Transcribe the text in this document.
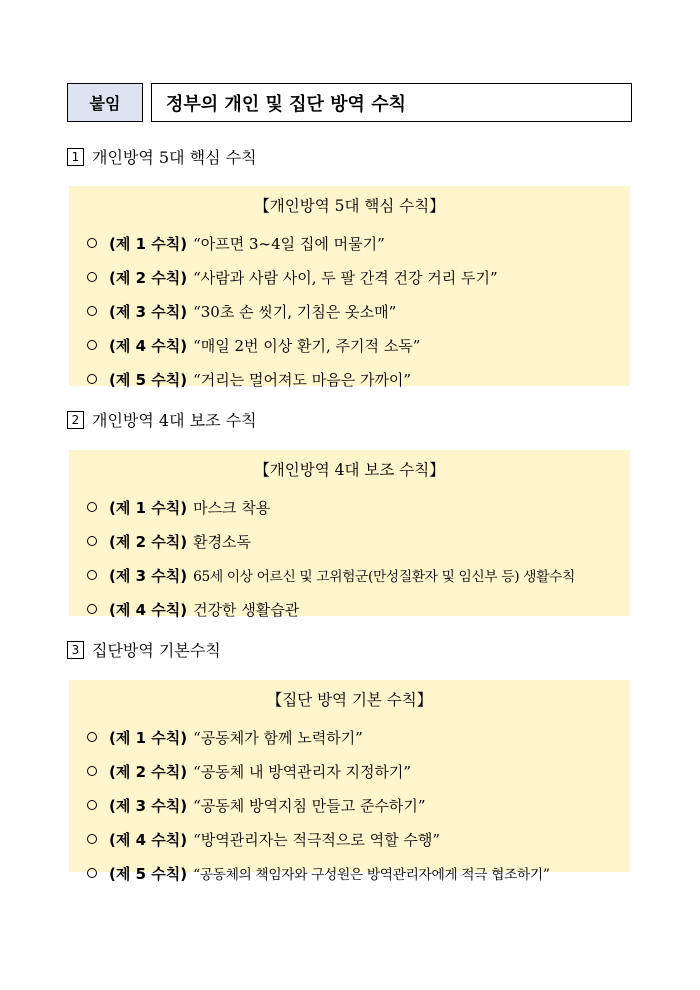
붙임	정부의 개인 및 집단 방역 수칙
1 개인방역 5대 핵심 수칙
【개인방역 5대 핵심 수칙】
(제 1 수칙) “아프면 3∼4일 집에 머물기”
(제 2 수칙) “사람과 사람 사이, 두 팔 간격 건강 거리 두기”
(제 3 수칙) “30초 손 씻기, 기침은 옷소매”
(제 4 수칙) “매일 2번 이상 환기, 주기적 소독”
(제 5 수칙) “거리는 멀어져도 마음은 가까이”
2 개인방역 4대 보조 수칙
【개인방역 4대 보조 수칙】
(제 1 수칙) 마스크 착용
(제 2 수칙) 환경소독
(제 3 수칙) 65세 이상 어르신 및 고위험군(만성질환자 및 임신부 등) 생활수칙
(제 4 수칙) 건강한 생활습관
3 집단방역 기본수칙
【집단 방역 기본 수칙】
(제 1 수칙) “공동체가 함께 노력하기”
(제 2 수칙) “공동체 내 방역관리자 지정하기”
(제 3 수칙) “공동체 방역지침 만들고 준수하기”
(제 4 수칙) “방역관리자는 적극적으로 역할 수행”
(제 5 수칙) “공동체의 책임자와 구성원은 방역관리자에게 적극 협조하기”
